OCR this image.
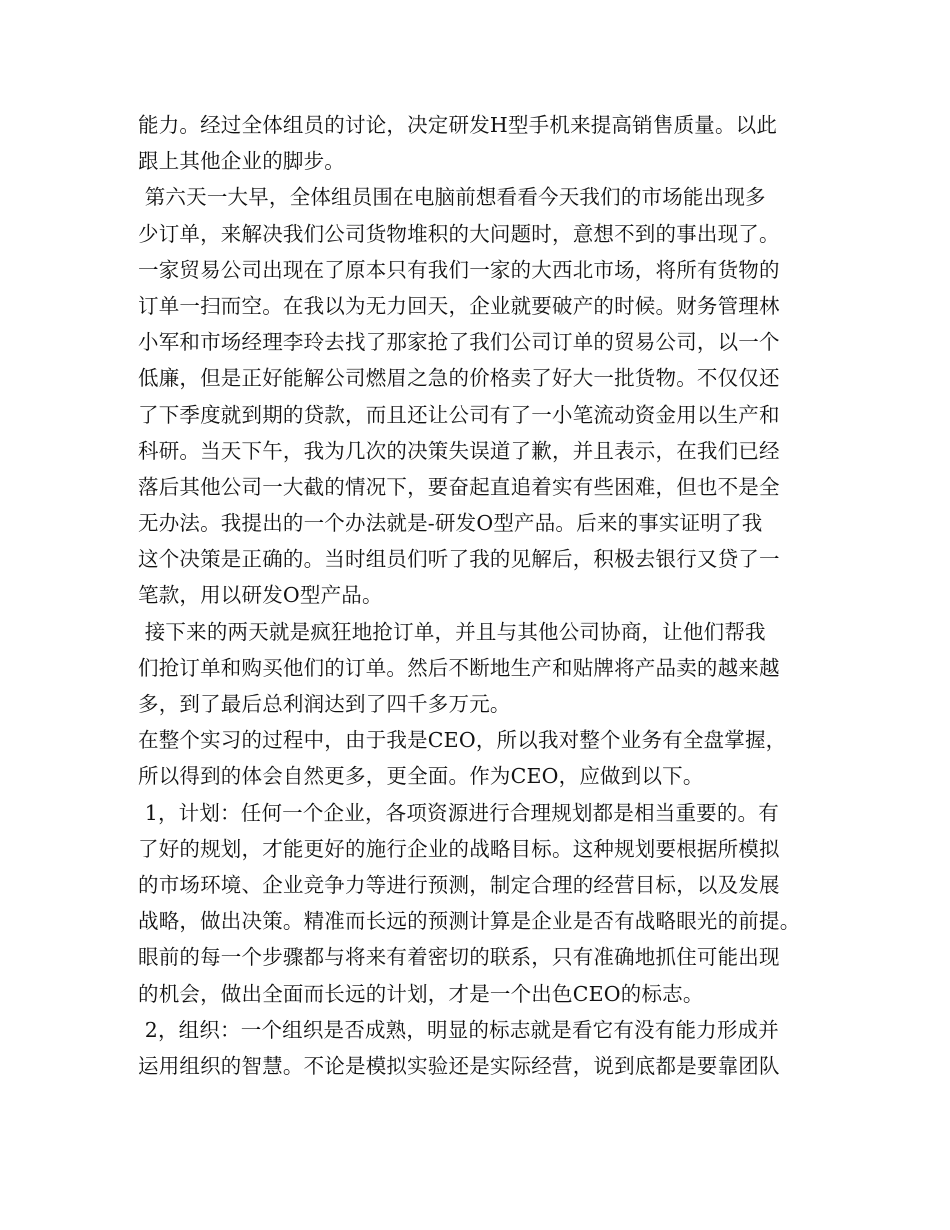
能力。经过全体组员的讨论，决定研发H型手机来提高销售质量。以此
跟上其他企业的脚步。
第六天一大早，全体组员围在电脑前想看看今天我们的市场能出现多
少订单，来解决我们公司货物堆积的大问题时，意想不到的事出现了。
一家贸易公司出现在了原本只有我们一家的大西北市场，将所有货物的
订单一扫而空。在我以为无力回天，企业就要破产的时候。财务管理林
小军和市场经理李玲去找了那家抢了我们公司订单的贸易公司，以一个
低廉，但是正好能解公司燃眉之急的价格卖了好大一批货物。不仅仅还
了下季度就到期的贷款，而且还让公司有了一小笔流动资金用以生产和
科研。当天下午，我为几次的决策失误道了歉，并且表示，在我们已经
落后其他公司一大截的情况下，要奋起直追着实有些困难，但也不是全
无办法。我提出的一个办法就是-研发O型产品。后来的事实证明了我
这个决策是正确的。当时组员们听了我的见解后，积极去银行又贷了一
笔款，用以研发O型产品。
接下来的两天就是疯狂地抢订单，并且与其他公司协商，让他们帮我
们抢订单和购买他们的订单。然后不断地生产和贴牌将产品卖的越来越
多，到了最后总利润达到了四千多万元。
在整个实习的过程中，由于我是CEO，所以我对整个业务有全盘掌握，
所以得到的体会自然更多，更全面。作为CEO，应做到以下。
1，计划：任何一个企业，各项资源进行合理规划都是相当重要的。有
了好的规划，才能更好的施行企业的战略目标。这种规划要根据所模拟
的市场环境、企业竞争力等进行预测，制定合理的经营目标，以及发展
战略，做出决策。精准而长远的预测计算是企业是否有战略眼光的前提。
眼前的每一个步骤都与将来有着密切的联系，只有准确地抓住可能出现
的机会，做出全面而长远的计划，才是一个出色CEO的标志。
2，组织：一个组织是否成熟，明显的标志就是看它有没有能力形成并
运用组织的智慧。不论是模拟实验还是实际经营，说到底都是要靠团队
